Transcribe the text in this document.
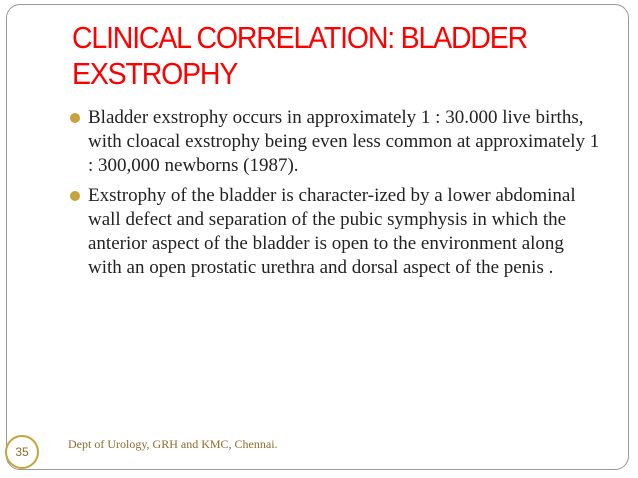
CLINICAL CORRELATION: BLADDER EXSTROPHY
Bladder exstrophy occurs in approximately 1 : 30.000 live births, with cloacal exstrophy being even less common at approximately 1 : 300,000 newborns (1987).
Exstrophy of the bladder is character-ized by a lower abdominal wall defect and separation of the pubic symphysis in which the anterior aspect of the bladder is open to the environment along with an open prostatic urethra and dorsal aspect of the penis .
35
Dept of Urology, GRH and KMC, Chennai.
